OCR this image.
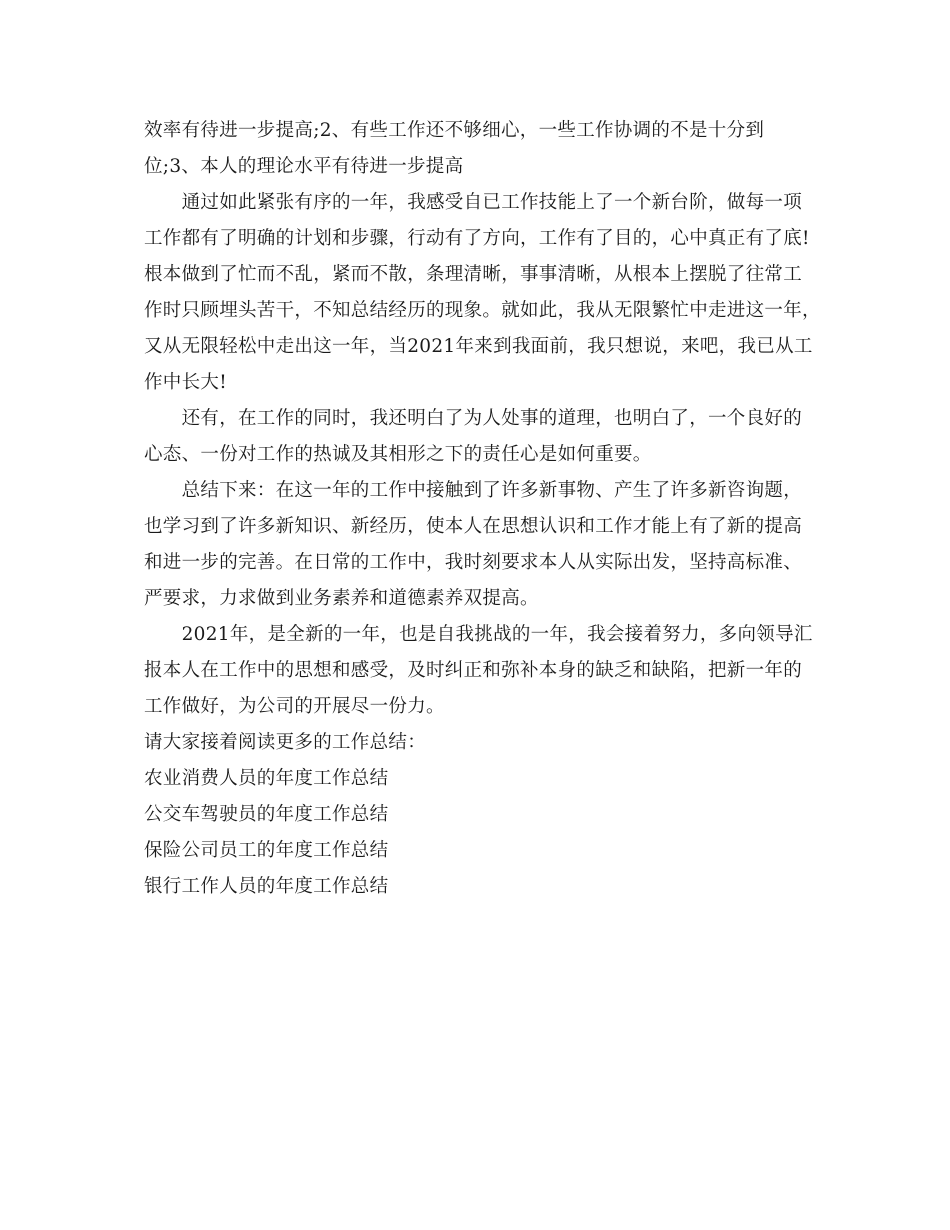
效率有待进一步提高;2、有些工作还不够细心，一些工作协调的不是十分到
位;3、本人的理论水平有待进一步提高
　　通过如此紧张有序的一年，我感受自已工作技能上了一个新台阶，做每一项
工作都有了明确的计划和步骤，行动有了方向，工作有了目的，心中真正有了底!
根本做到了忙而不乱，紧而不散，条理清晰，事事清晰，从根本上摆脱了往常工
作时只顾埋头苦干，不知总结经历的现象。就如此，我从无限繁忙中走进这一年，
又从无限轻松中走出这一年，当2021年来到我面前，我只想说，来吧，我已从工
作中长大!
　　还有，在工作的同时，我还明白了为人处事的道理，也明白了，一个良好的
心态、一份对工作的热诚及其相形之下的责任心是如何重要。
　　总结下来：在这一年的工作中接触到了许多新事物、产生了许多新咨询题，
也学习到了许多新知识、新经历，使本人在思想认识和工作才能上有了新的提高
和进一步的完善。在日常的工作中，我时刻要求本人从实际出发，坚持高标准、
严要求，力求做到业务素养和道德素养双提高。
　　2021年，是全新的一年，也是自我挑战的一年，我会接着努力，多向领导汇
报本人在工作中的思想和感受，及时纠正和弥补本身的缺乏和缺陷，把新一年的
工作做好，为公司的开展尽一份力。
请大家接着阅读更多的工作总结：
农业消费人员的年度工作总结
公交车驾驶员的年度工作总结
保险公司员工的年度工作总结
银行工作人员的年度工作总结
